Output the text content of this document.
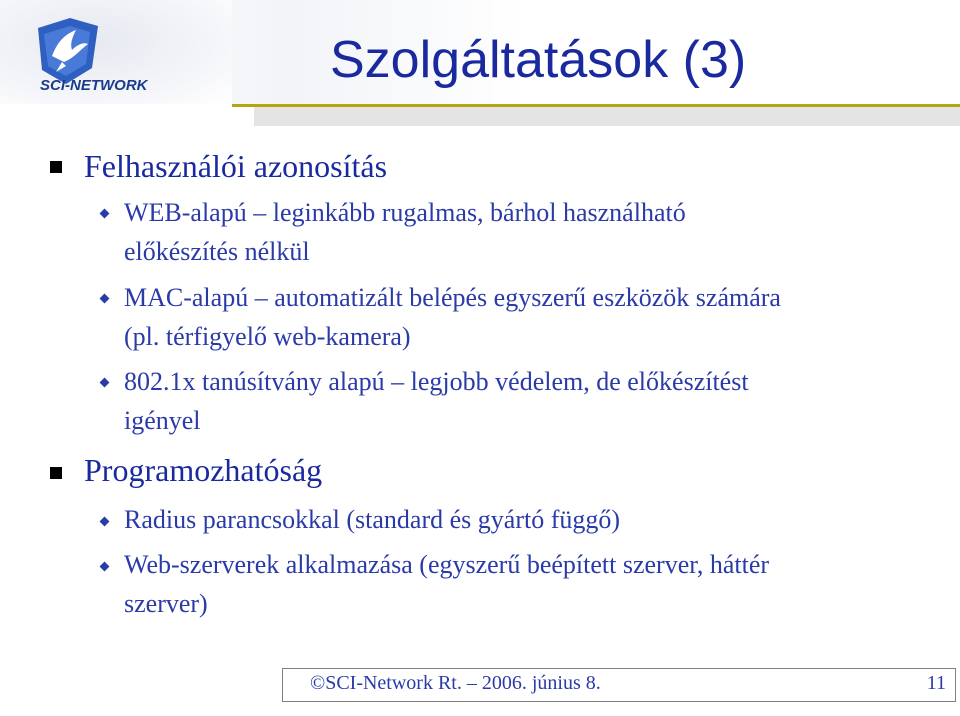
SCI-NETWORK	Szolgáltatások (3)
Felhasználói azonosítás
WEB-alapú – leginkább rugalmas, bárhol használható
előkészítés nélkül
MAC-alapú – automatizált belépés egyszerű eszközök számára
(pl. térfigyelő web-kamera)
802.1x tanúsítvány alapú – legjobb védelem, de előkészítést
igényel
Programozhatóság
Radius parancsokkal (standard és gyártó függő)
Web-szerverek alkalmazása (egyszerű beépített szerver, háttér
szerver)
©SCI-Network Rt. – 2006. június 8.	11
